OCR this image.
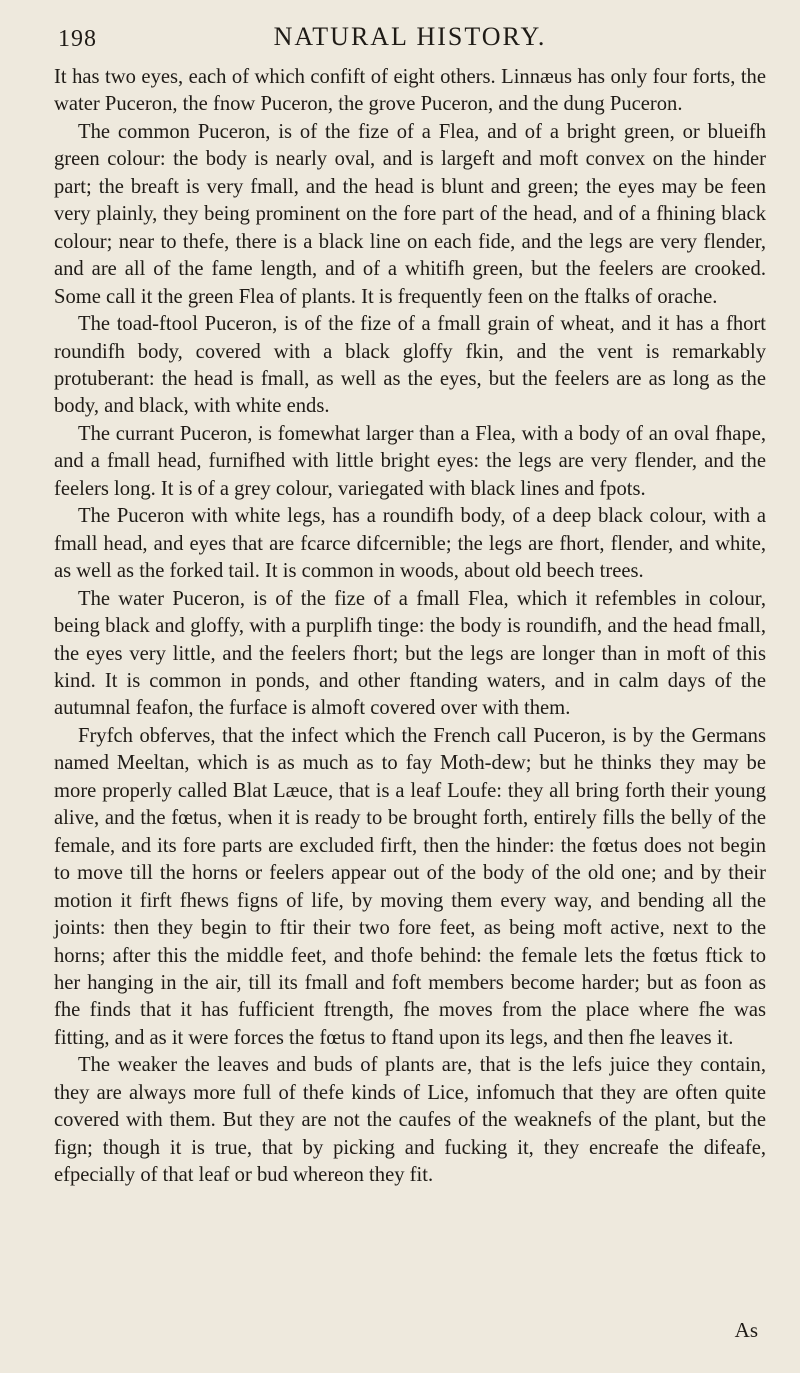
198	NATURAL HISTORY.

It has two eyes, each of which confift of eight others. Linnæus has only four forts, the water Puceron, the fnow Puceron, the grove Puceron, and the dung Puceron.

The common Puceron, is of the fize of a Flea, and of a bright green, or blueifh green colour: the body is nearly oval, and is largeft and moft convex on the hinder part; the breaft is very fmall, and the head is blunt and green; the eyes may be feen very plainly, they being prominent on the fore part of the head, and of a fhining black colour; near to thefe, there is a black line on each fide, and the legs are very flender, and are all of the fame length, and of a whitifh green, but the feelers are crooked. Some call it the green Flea of plants. It is frequently feen on the ftalks of orache.

The toad-ftool Puceron, is of the fize of a fmall grain of wheat, and it has a fhort roundifh body, covered with a black gloffy fkin, and the vent is remarkably protuberant: the head is fmall, as well as the eyes, but the feelers are as long as the body, and black, with white ends.

The currant Puceron, is fomewhat larger than a Flea, with a body of an oval fhape, and a fmall head, furnifhed with little bright eyes: the legs are very flender, and the feelers long. It is of a grey colour, variegated with black lines and fpots.

The Puceron with white legs, has a roundifh body, of a deep black colour, with a fmall head, and eyes that are fcarce difcernible; the legs are fhort, flender, and white, as well as the forked tail. It is common in woods, about old beech trees.

The water Puceron, is of the fize of a fmall Flea, which it refembles in colour, being black and gloffy, with a purplifh tinge: the body is roundifh, and the head fmall, the eyes very little, and the feelers fhort; but the legs are longer than in moft of this kind. It is common in ponds, and other ftanding waters, and in calm days of the autumnal feafon, the furface is almoft covered over with them.

Fryfch obferves, that the infect which the French call Puceron, is by the Germans named Meeltan, which is as much as to fay Moth-dew; but he thinks they may be more properly called Blat Læuce, that is a leaf Loufe: they all bring forth their young alive, and the fœtus, when it is ready to be brought forth, entirely fills the belly of the female, and its fore parts are excluded firft, then the hinder: the fœtus does not begin to move till the horns or feelers appear out of the body of the old one; and by their motion it firft fhews figns of life, by moving them every way, and bending all the joints: then they begin to ftir their two fore feet, as being moft active, next to the horns; after this the middle feet, and thofe behind: the female lets the fœtus ftick to her hanging in the air, till its fmall and foft members become harder; but as foon as fhe finds that it has fufficient ftrength, fhe moves from the place where fhe was fitting, and as it were forces the fœtus to ftand upon its legs, and then fhe leaves it.

The weaker the leaves and buds of plants are, that is the lefs juice they contain, they are always more full of thefe kinds of Lice, infomuch that they are often quite covered with them. But they are not the caufes of the weaknefs of the plant, but the fign; though it is true, that by picking and fucking it, they encreafe the difeafe, efpecially of that leaf or bud whereon they fit.

As
